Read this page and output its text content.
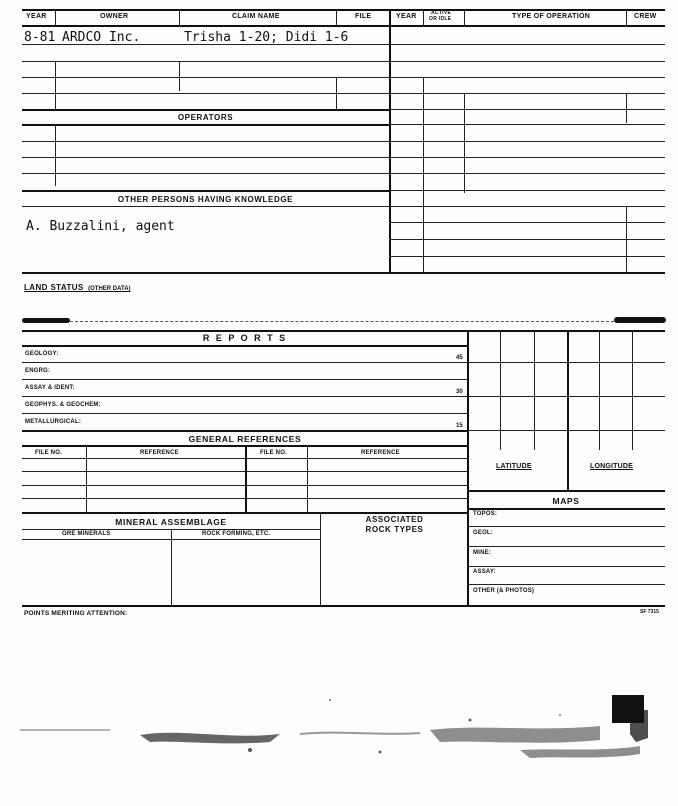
YEAR	OWNER	CLAIM NAME	FILE	YEAR	ACTIVE
OR IDLE	TYPE OF OPERATION	CREW
8-81 ARDCO Inc.	Trisha 1-20; Didi 1-6
OPERATORS
OTHER PERSONS HAVING KNOWLEDGE
A. Buzzalini, agent
LAND STATUS (OTHER DATA)
R E P O R T S
GEOLOGY:
45
ENGRG:
ASSAY & IDENT:
30
GEOPHYS. & GEOCHEM:
METALLURGICAL:
15
GENERAL REFERENCES
FILE NO.	REFERENCE	FILE NO.	REFERENCE
MINERAL ASSEMBLAGE	ASSOCIATED ROCK TYPES
ORE MINERALS	ROCK FORMING, ETC.
LATITUDE	LONGITUDE
MAPS
TOPOS:
GEOL:
MINE:
ASSAY:
OTHER (& PHOTOS)
POINTS MERITING ATTENTION:	SF 7315
